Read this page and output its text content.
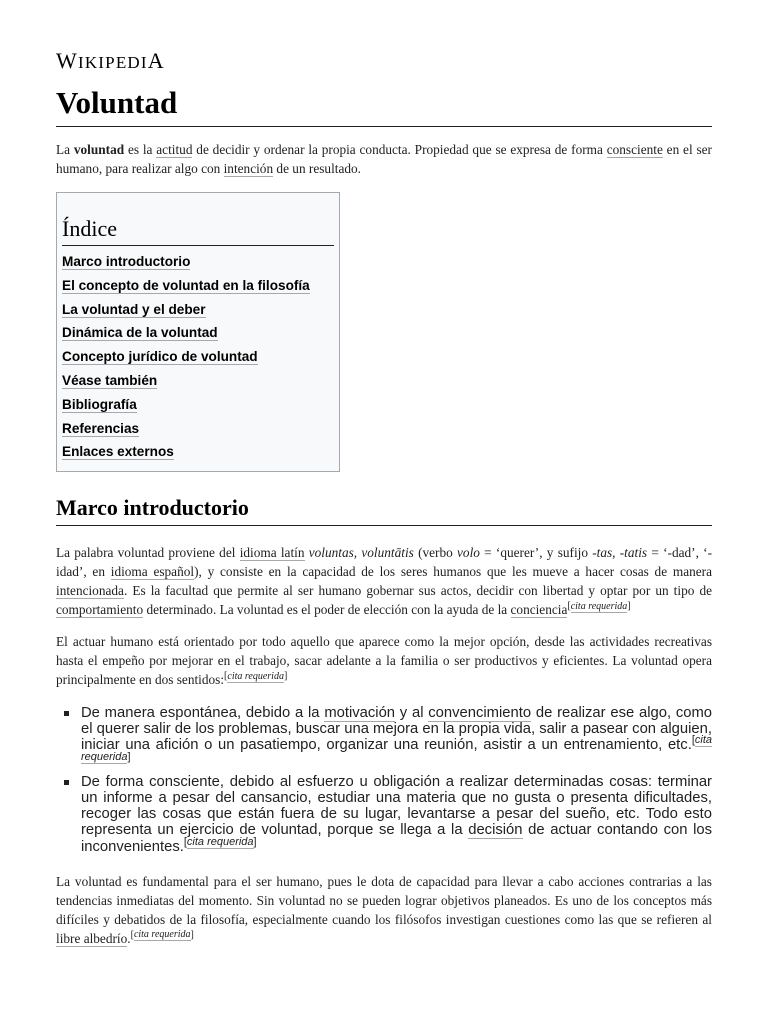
WIKIPEDIA
Voluntad

La voluntad es la actitud de decidir y ordenar la propia conducta. Propiedad que se expresa de forma consciente en el ser humano, para realizar algo con intención de un resultado.

Índice
Marco introductorio
El concepto de voluntad en la filosofía
La voluntad y el deber
Dinámica de la voluntad
Concepto jurídico de voluntad
Véase también
Bibliografía
Referencias
Enlaces externos
Marco introductorio

La palabra voluntad proviene del idioma latín voluntas, voluntātis (verbo volo = ‘querer’, y sufijo -tas, -tatis = ‘-dad’, ‘-idad’, en idioma español), y consiste en la capacidad de los seres humanos que les mueve a hacer cosas de manera intencionada. Es la facultad que permite al ser humano gobernar sus actos, decidir con libertad y optar por un tipo de comportamiento determinado. La voluntad es el poder de elección con la ayuda de la conciencia[cita requerida]

El actuar humano está orientado por todo aquello que aparece como la mejor opción, desde las actividades recreativas hasta el empeño por mejorar en el trabajo, sacar adelante a la familia o ser productivos y eficientes. La voluntad opera principalmente en dos sentidos:[cita requerida]

De manera espontánea, debido a la motivación y al convencimiento de realizar ese algo, como el querer salir de los problemas, buscar una mejora en la propia vida, salir a pasear con alguien, iniciar una afición o un pasatiempo, organizar una reunión, asistir a un entrenamiento, etc.[cita requerida]
De forma consciente, debido al esfuerzo u obligación a realizar determinadas cosas: terminar un informe a pesar del cansancio, estudiar una materia que no gusta o presenta dificultades, recoger las cosas que están fuera de su lugar, levantarse a pesar del sueño, etc. Todo esto representa un ejercicio de voluntad, porque se llega a la decisión de actuar contando con los inconvenientes.[cita requerida]

La voluntad es fundamental para el ser humano, pues le dota de capacidad para llevar a cabo acciones contrarias a las tendencias inmediatas del momento. Sin voluntad no se pueden lograr objetivos planeados. Es uno de los conceptos más difíciles y debatidos de la filosofía, especialmente cuando los filósofos investigan cuestiones como las que se refieren al libre albedrío.[cita requerida]
